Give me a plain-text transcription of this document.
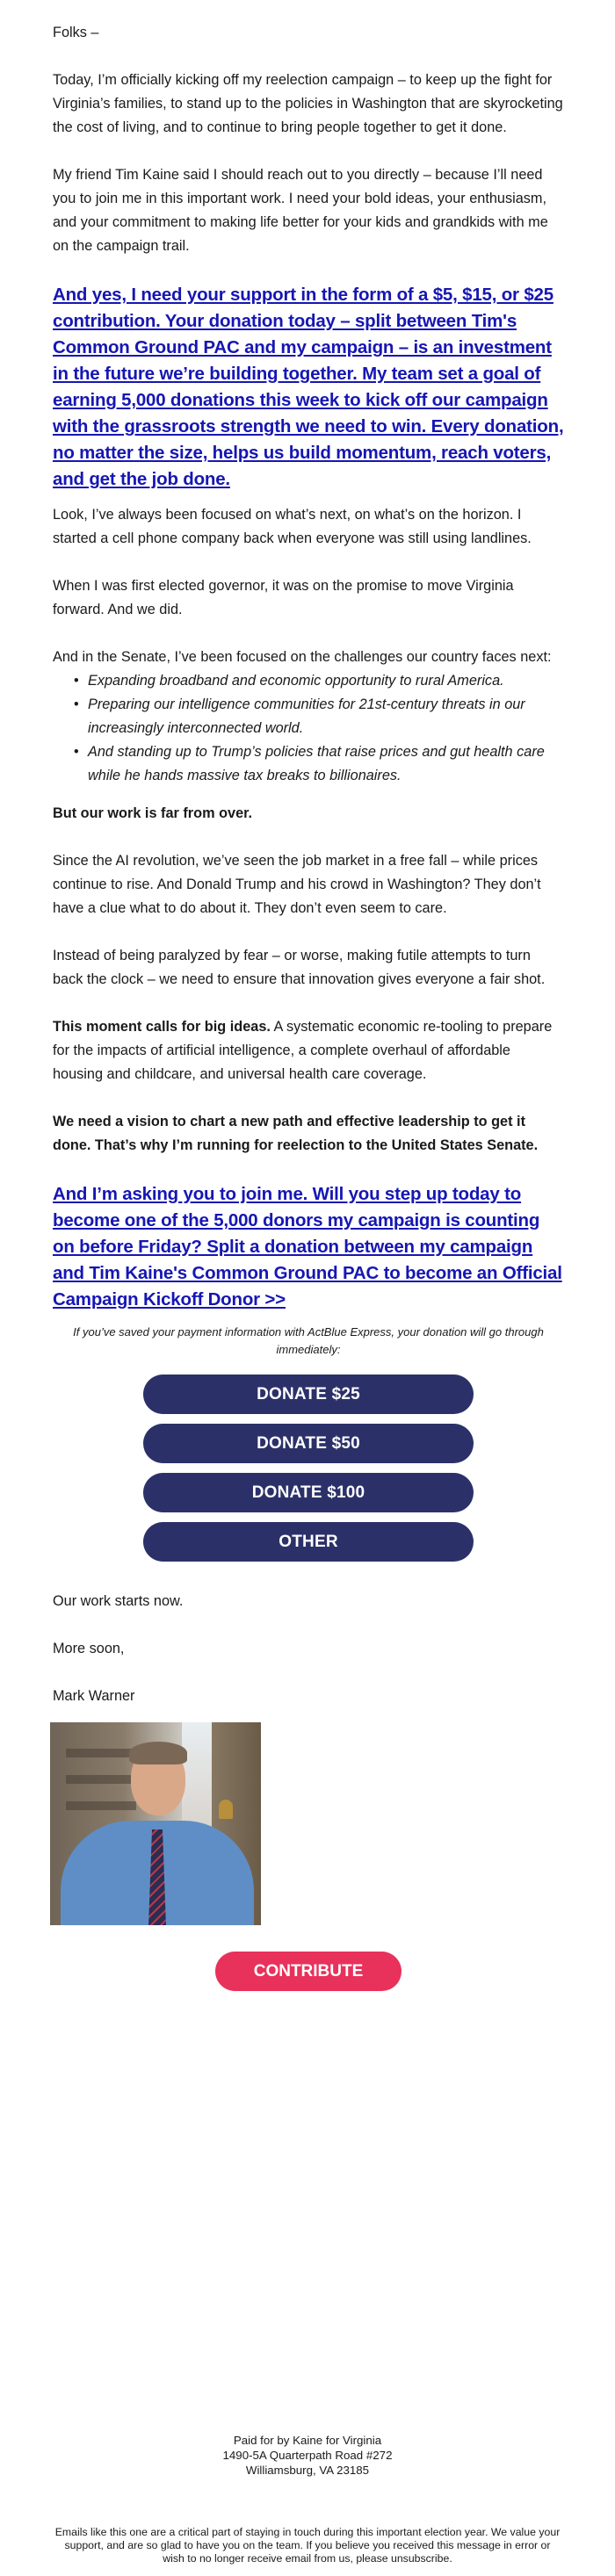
Folks –

Today, I’m officially kicking off my reelection campaign – to keep up the fight for Virginia’s families, to stand up to the policies in Washington that are skyrocketing the cost of living, and to continue to bring people together to get it done.

My friend Tim Kaine said I should reach out to you directly – because I’ll need you to join me in this important work. I need your bold ideas, your enthusiasm, and your commitment to making life better for your kids and grandkids with me on the campaign trail.

And yes, I need your support in the form of a $5, $15, or $25 contribution. Your donation today – split between Tim's Common Ground PAC and my campaign – is an investment in the future we’re building together. My team set a goal of earning 5,000 donations this week to kick off our campaign with the grassroots strength we need to win. Every donation, no matter the size, helps us build momentum, reach voters, and get the job done.

Look, I’ve always been focused on what’s next, on what’s on the horizon. I started a cell phone company back when everyone was still using landlines.

When I was first elected governor, it was on the promise to move Virginia forward. And we did.

And in the Senate, I’ve been focused on the challenges our country faces next:

• Expanding broadband and economic opportunity to rural America.
• Preparing our intelligence communities for 21st-century threats in our increasingly interconnected world.
• And standing up to Trump’s policies that raise prices and gut health care while he hands massive tax breaks to billionaires.

But our work is far from over.

Since the AI revolution, we’ve seen the job market in a free fall – while prices continue to rise. And Donald Trump and his crowd in Washington? They don’t have a clue what to do about it. They don’t even seem to care.

Instead of being paralyzed by fear – or worse, making futile attempts to turn back the clock – we need to ensure that innovation gives everyone a fair shot.

This moment calls for big ideas. A systematic economic re-tooling to prepare for the impacts of artificial intelligence, a complete overhaul of affordable housing and childcare, and universal health care coverage.

We need a vision to chart a new path and effective leadership to get it done. That’s why I’m running for reelection to the United States Senate.

And I’m asking you to join me. Will you step up today to become one of the 5,000 donors my campaign is counting on before Friday? Split a donation between my campaign and Tim Kaine's Common Ground PAC to become an Official Campaign Kickoff Donor >>

If you’ve saved your payment information with ActBlue Express, your donation will go through immediately:

DONATE $25
DONATE $50
DONATE $100
OTHER

Our work starts now.

More soon,

Mark Warner

CONTRIBUTE
Paid for by Kaine for Virginia
1490-5A Quarterpath Road #272
Williamsburg, VA 23185

Emails like this one are a critical part of staying in touch during this important election year. We value your support, and are so glad to have you on the team. If you believe you received this message in error or wish to no longer receive email from us, please unsubscribe.
